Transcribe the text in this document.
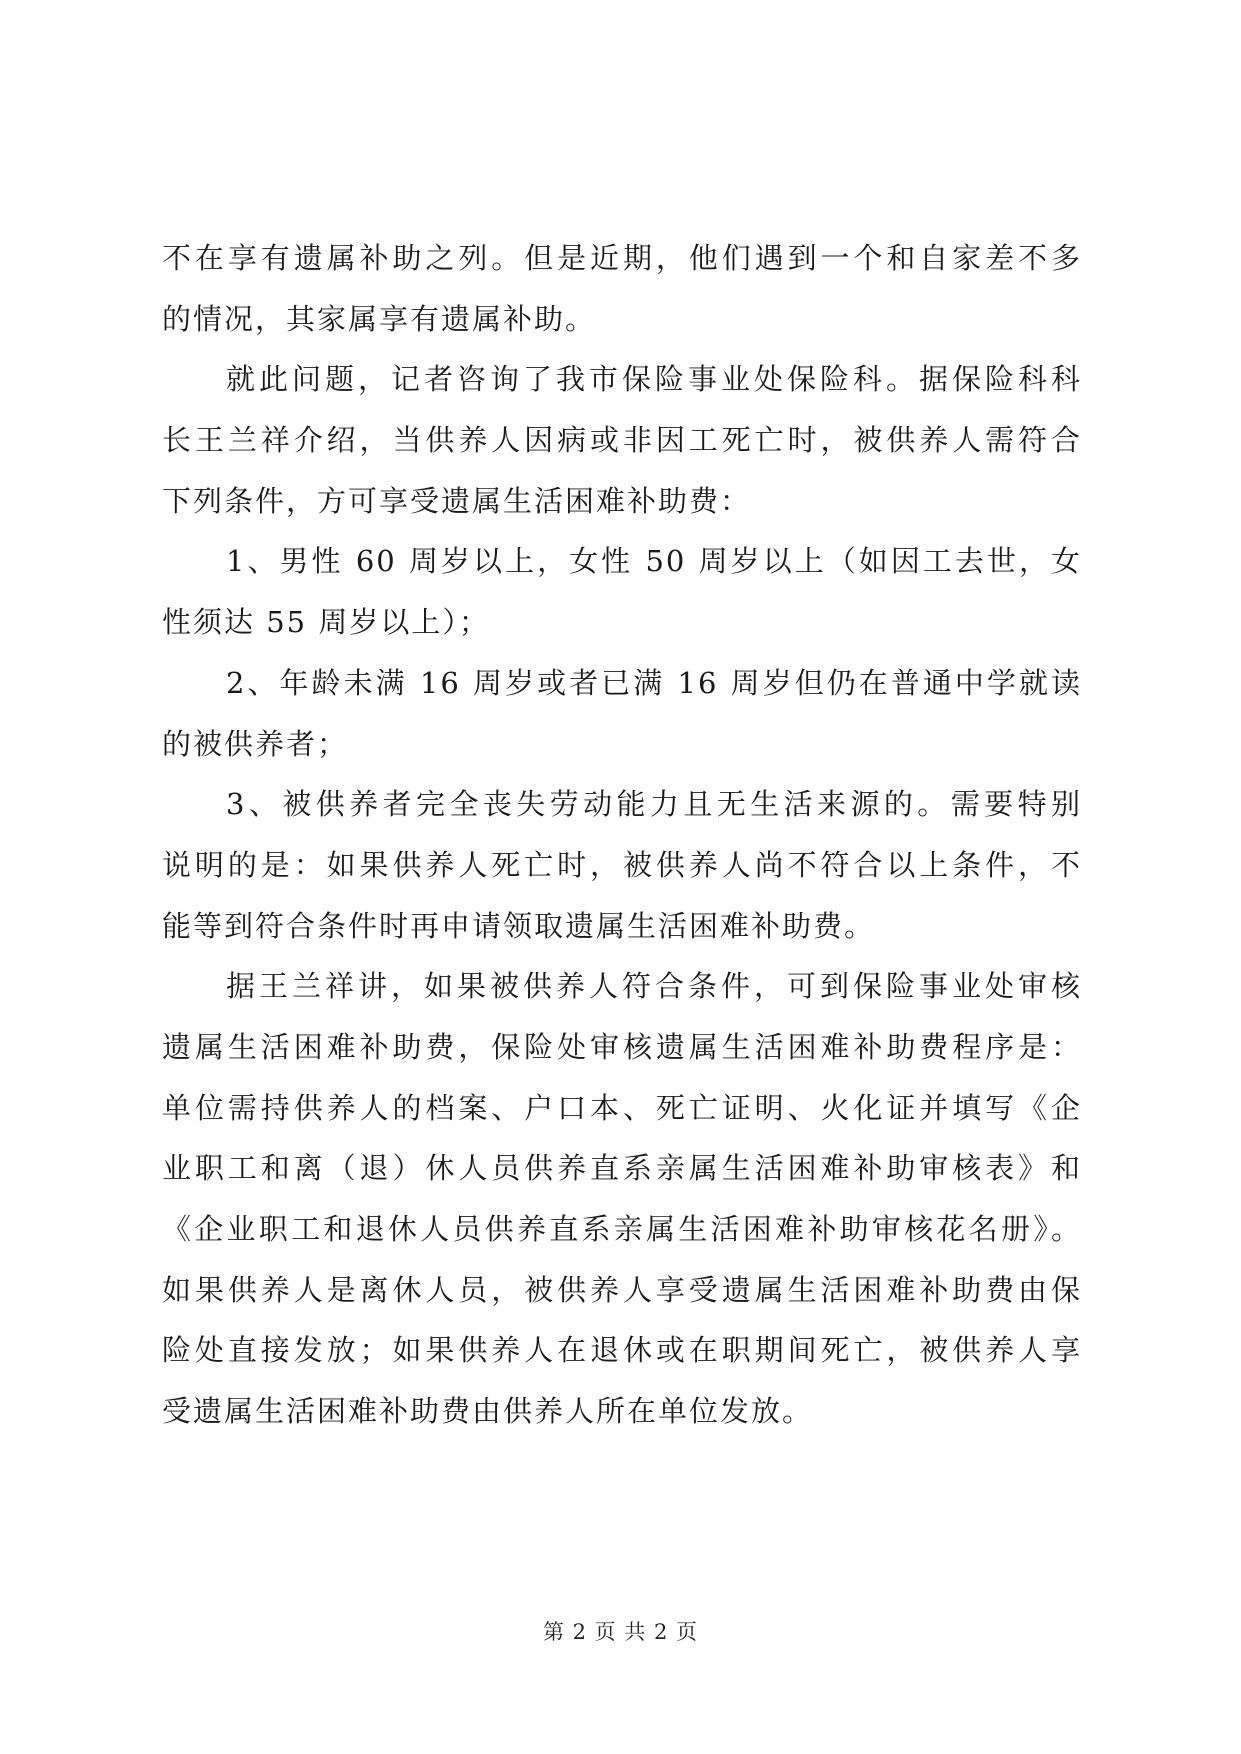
不在享有遗属补助之列。但是近期，他们遇到一个和自家差不多
的情况，其家属享有遗属补助。
就此问题，记者咨询了我市保险事业处保险科。据保险科科
长王兰祥介绍，当供养人因病或非因工死亡时，被供养人需符合
下列条件，方可享受遗属生活困难补助费：
1、男性 60 周岁以上，女性 50 周岁以上（如因工去世，女
性须达 55 周岁以上）；
2、年龄未满 16 周岁或者已满 16 周岁但仍在普通中学就读
的被供养者；
3、被供养者完全丧失劳动能力且无生活来源的。需要特别
说明的是：如果供养人死亡时，被供养人尚不符合以上条件，不
能等到符合条件时再申请领取遗属生活困难补助费。
据王兰祥讲，如果被供养人符合条件，可到保险事业处审核
遗属生活困难补助费，保险处审核遗属生活困难补助费程序是：
单位需持供养人的档案、户口本、死亡证明、火化证并填写《企
业职工和离（退）休人员供养直系亲属生活困难补助审核表》和
《企业职工和退休人员供养直系亲属生活困难补助审核花名册》。
如果供养人是离休人员，被供养人享受遗属生活困难补助费由保
险处直接发放；如果供养人在退休或在职期间死亡，被供养人享
受遗属生活困难补助费由供养人所在单位发放。
第 2 页 共 2 页
